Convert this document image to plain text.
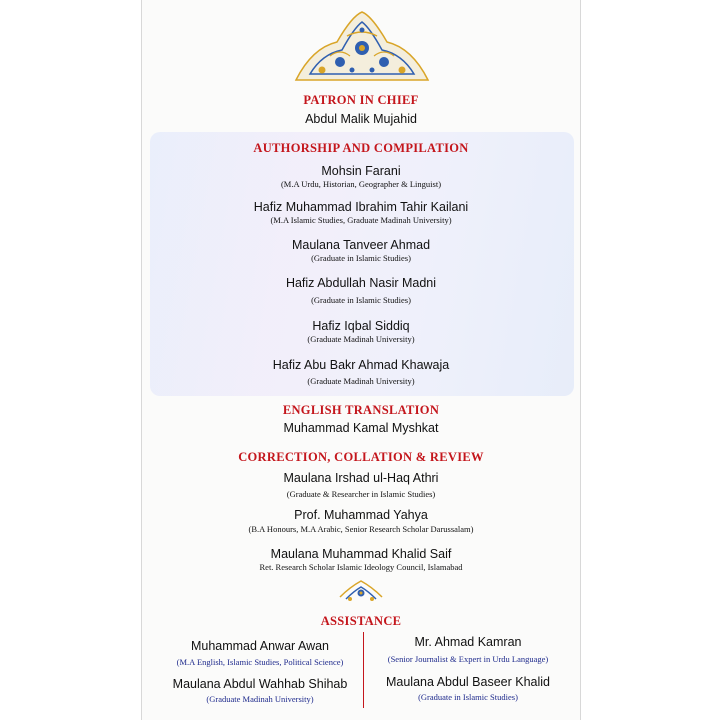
PATRON IN CHIEF
Abdul Malik Mujahid
AUTHORSHIP AND COMPILATION
Mohsin Farani
(M.A Urdu, Historian, Geographer & Linguist)
Hafiz Muhammad Ibrahim Tahir Kailani
(M.A Islamic Studies, Graduate Madinah University)
Maulana Tanveer Ahmad
(Graduate in Islamic Studies)
Hafiz Abdullah Nasir Madni
(Graduate in Islamic Studies)
Hafiz Iqbal Siddiq
(Graduate Madinah University)
Hafiz Abu Bakr Ahmad Khawaja
(Graduate Madinah University)
ENGLISH TRANSLATION
Muhammad Kamal Myshkat
CORRECTION, COLLATION & REVIEW
Maulana Irshad ul-Haq Athri
(Graduate & Researcher in Islamic Studies)
Prof. Muhammad Yahya
(B.A Honours, M.A Arabic, Senior Research Scholar Darussalam)
Maulana Muhammad Khalid Saif
Ret. Research Scholar Islamic Ideology Council, Islamabad
ASSISTANCE
Muhammad Anwar Awan
(M.A English, Islamic Studies, Political Science)
Maulana Abdul Wahhab Shihab
(Graduate Madinah University)
Mr. Ahmad Kamran
(Senior Journalist & Expert in Urdu Language)
Maulana Abdul Baseer Khalid
(Graduate in Islamic Studies)
